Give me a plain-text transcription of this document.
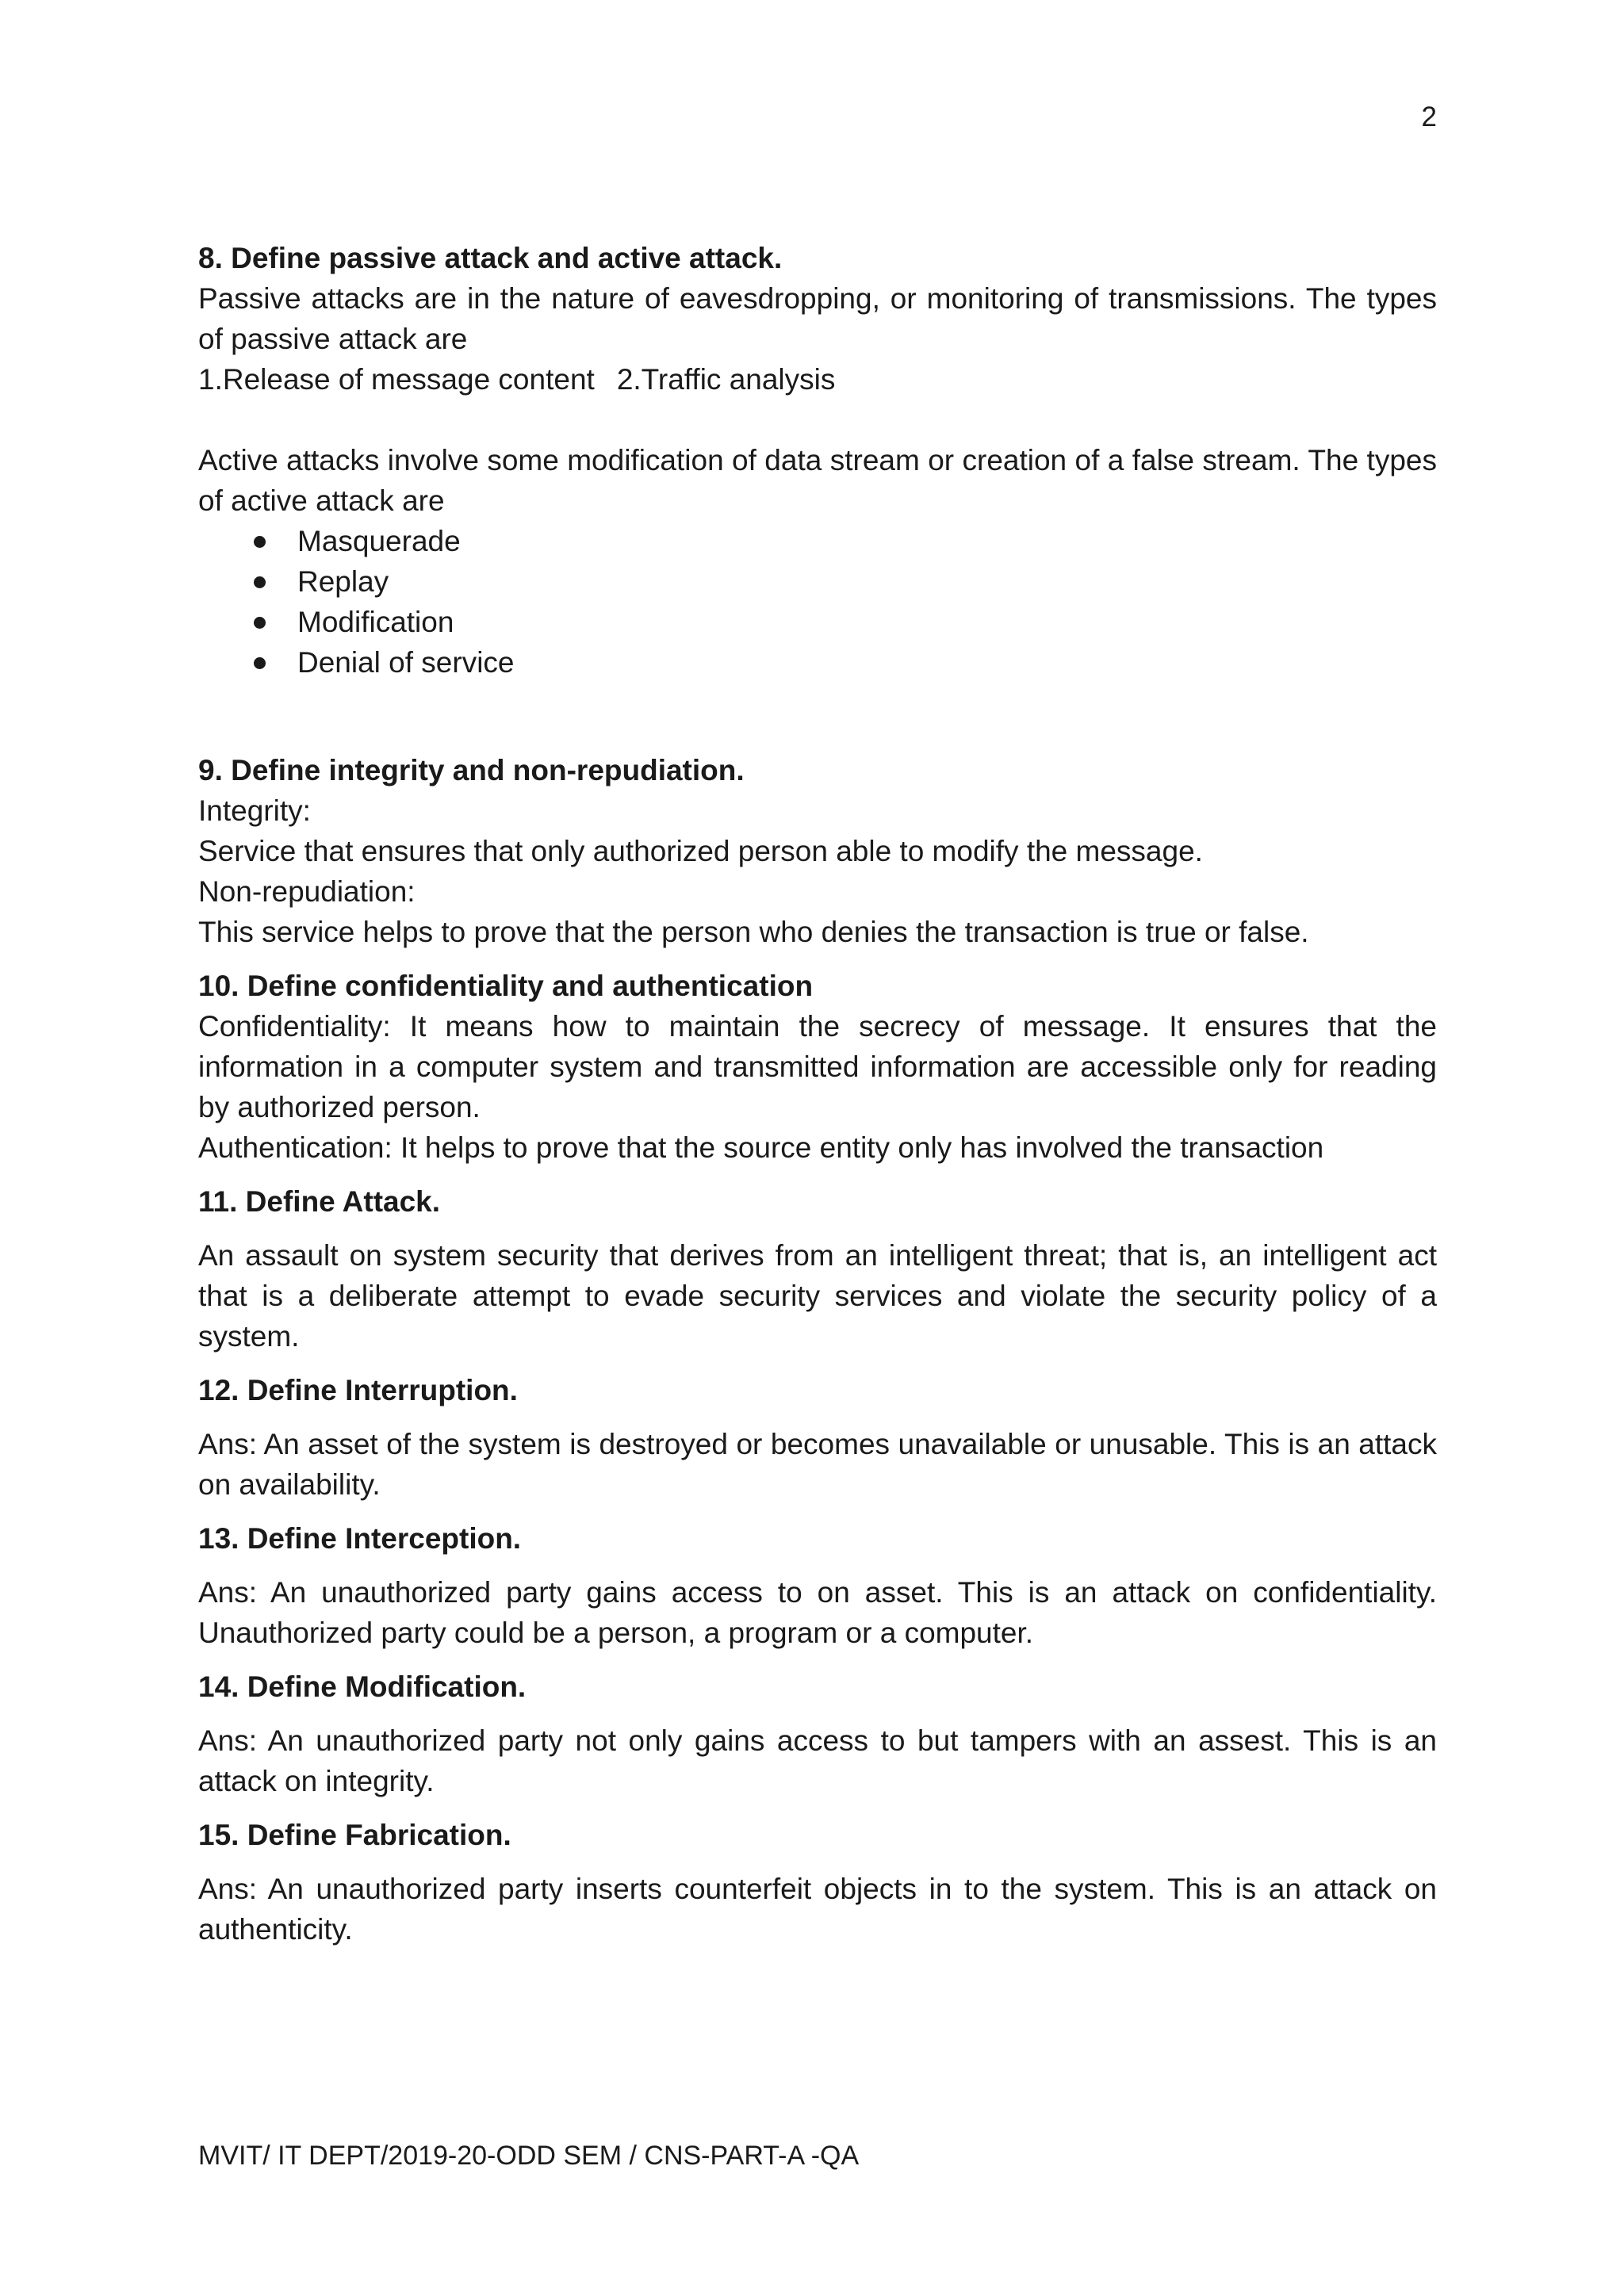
2

8. Define passive attack and active attack.

Passive attacks are in the nature of eavesdropping, or monitoring of transmissions. The types of passive attack are

1.Release of message content 2.Traffic analysis

Active attacks involve some modification of data stream or creation of a false stream. The types of active attack are

Masquerade
Replay
Modification
Denial of service

9. Define integrity and non-repudiation.

Integrity:

Service that ensures that only authorized person able to modify the message.

Non-repudiation:

This service helps to prove that the person who denies the transaction is true or false.

10. Define confidentiality and authentication

Confidentiality: It means how to maintain the secrecy of message. It ensures that the information in a computer system and transmitted information are accessible only for reading by authorized person.

Authentication: It helps to prove that the source entity only has involved the transaction

11. Define Attack.

An assault on system security that derives from an intelligent threat; that is, an intelligent act that is a deliberate attempt to evade security services and violate the security policy of a system.

12. Define Interruption.

Ans: An asset of the system is destroyed or becomes unavailable or unusable. This is an attack on availability.

13. Define Interception.

Ans: An unauthorized party gains access to on asset. This is an attack on confidentiality. Unauthorized party could be a person, a program or a computer.

14. Define Modification.

Ans: An unauthorized party not only gains access to but tampers with an assest. This is an attack on integrity.

15. Define Fabrication.

Ans: An unauthorized party inserts counterfeit objects in to the system. This is an attack on authenticity.

MVIT/ IT DEPT/2019-20-ODD SEM / CNS-PART-A -QA
